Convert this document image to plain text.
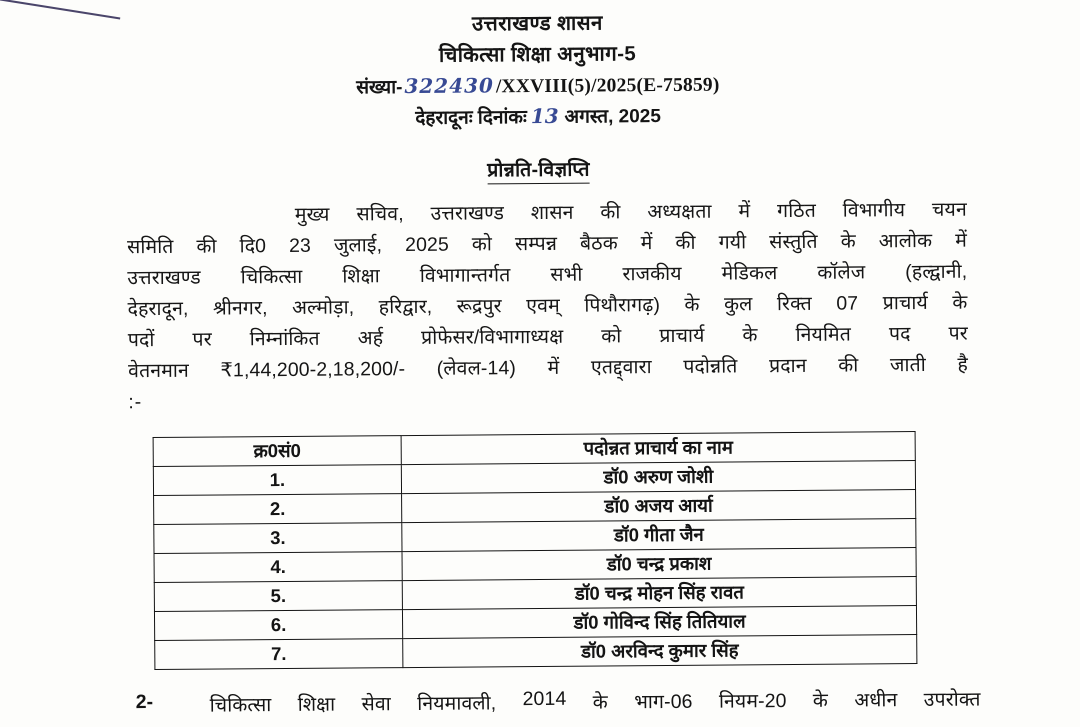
उत्तराखण्ड शासन
चिकित्सा शिक्षा अनुभाग-5
संख्या-322430/XXVIII(5)/2025(E-75859)
देहरादूनः दिनांकः 13 अगस्त, 2025
प्रोन्नति-विज्ञप्ति
मुख्य सचिव, उत्तराखण्ड शासन की अध्यक्षता में गठित विभागीय चयन
समिति की दि0 23 जुलाई, 2025 को सम्पन्न बैठक में की गयी संस्तुति के आलोक में
उत्तराखण्ड चिकित्सा शिक्षा विभागान्तर्गत सभी राजकीय मेडिकल कॉलेज (हल्द्वानी,
देहरादून, श्रीनगर, अल्मोड़ा, हरिद्वार, रूद्रपुर एवम् पिथौरागढ़) के कुल रिक्त 07 प्राचार्य के
पदों पर निम्नांकित अर्ह प्रोफेसर/विभागाध्यक्ष को प्राचार्य के नियमित पद पर
वेतनमान ₹1,44,200-2,18,200/- (लेवल-14) में एतद्द्वारा पदोन्नति प्रदान की जाती है
:-
क्र0सं0	पदोन्नत प्राचार्य का नाम
1.	डॉ0 अरुण जोशी
2.	डॉ0 अजय आर्या
3.	डॉ0 गीता जैन
4.	डॉ0 चन्द्र प्रकाश
5.	डॉ0 चन्द्र मोहन सिंह रावत
6.	डॉ0 गोविन्द सिंह तितियाल
7.	डॉ0 अरविन्द कुमार सिंह
2-	चिकित्सा शिक्षा सेवा नियमावली, 2014 के भाग-06 नियम-20 के अधीन उपरोक्त
